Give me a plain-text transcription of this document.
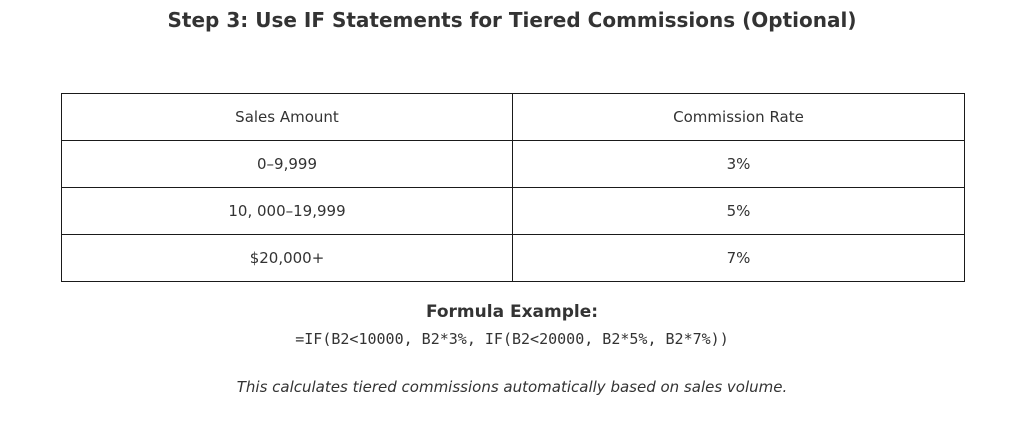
Step 3: Use IF Statements for Tiered Commissions (Optional)
Sales Amount	Commission Rate
0–9,999	3%
10, 000–19,999	5%
$20,000+	7%
Formula Example:
=IF(B2<10000, B2*3%, IF(B2<20000, B2*5%, B2*7%))
This calculates tiered commissions automatically based on sales volume.
